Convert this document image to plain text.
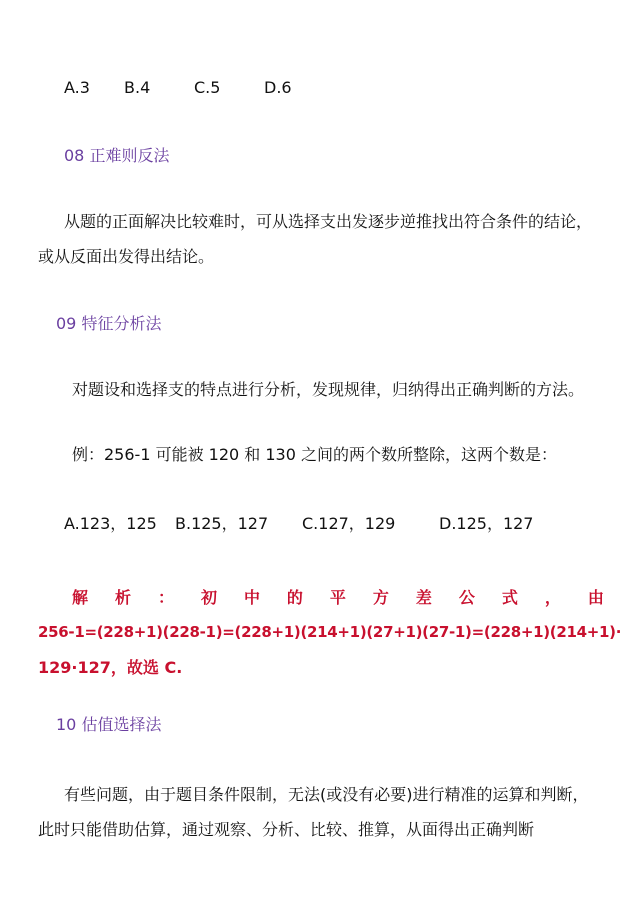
A.3 B.4	C.5	D.6
08 正难则反法
从题的正面解决比较难时，可从选择支出发逐步逆推找出符合条件的结论，或从反面出发得出结论。
09 特征分析法
对题设和选择支的特点进行分析，发现规律，归纳得出正确判断的方法。
例：256-1 可能被 120 和 130 之间的两个数所整除，这两个数是：
A.123，125 B.125，127 C.127，129	D.125，127
解 析 ： 初 中 的 平 方 差 公 式 ， 由
256-1=(228+1)(228-1)=(228+1)(214+1)(27+1)(27-1)=(228+1)(214+1)·
129·127，故选 C.
10 估值选择法
有些问题，由于题目条件限制，无法(或没有必要)进行精准的运算和判断，此时只能借助估算，通过观察、分析、比较、推算，从面得出正确判断
